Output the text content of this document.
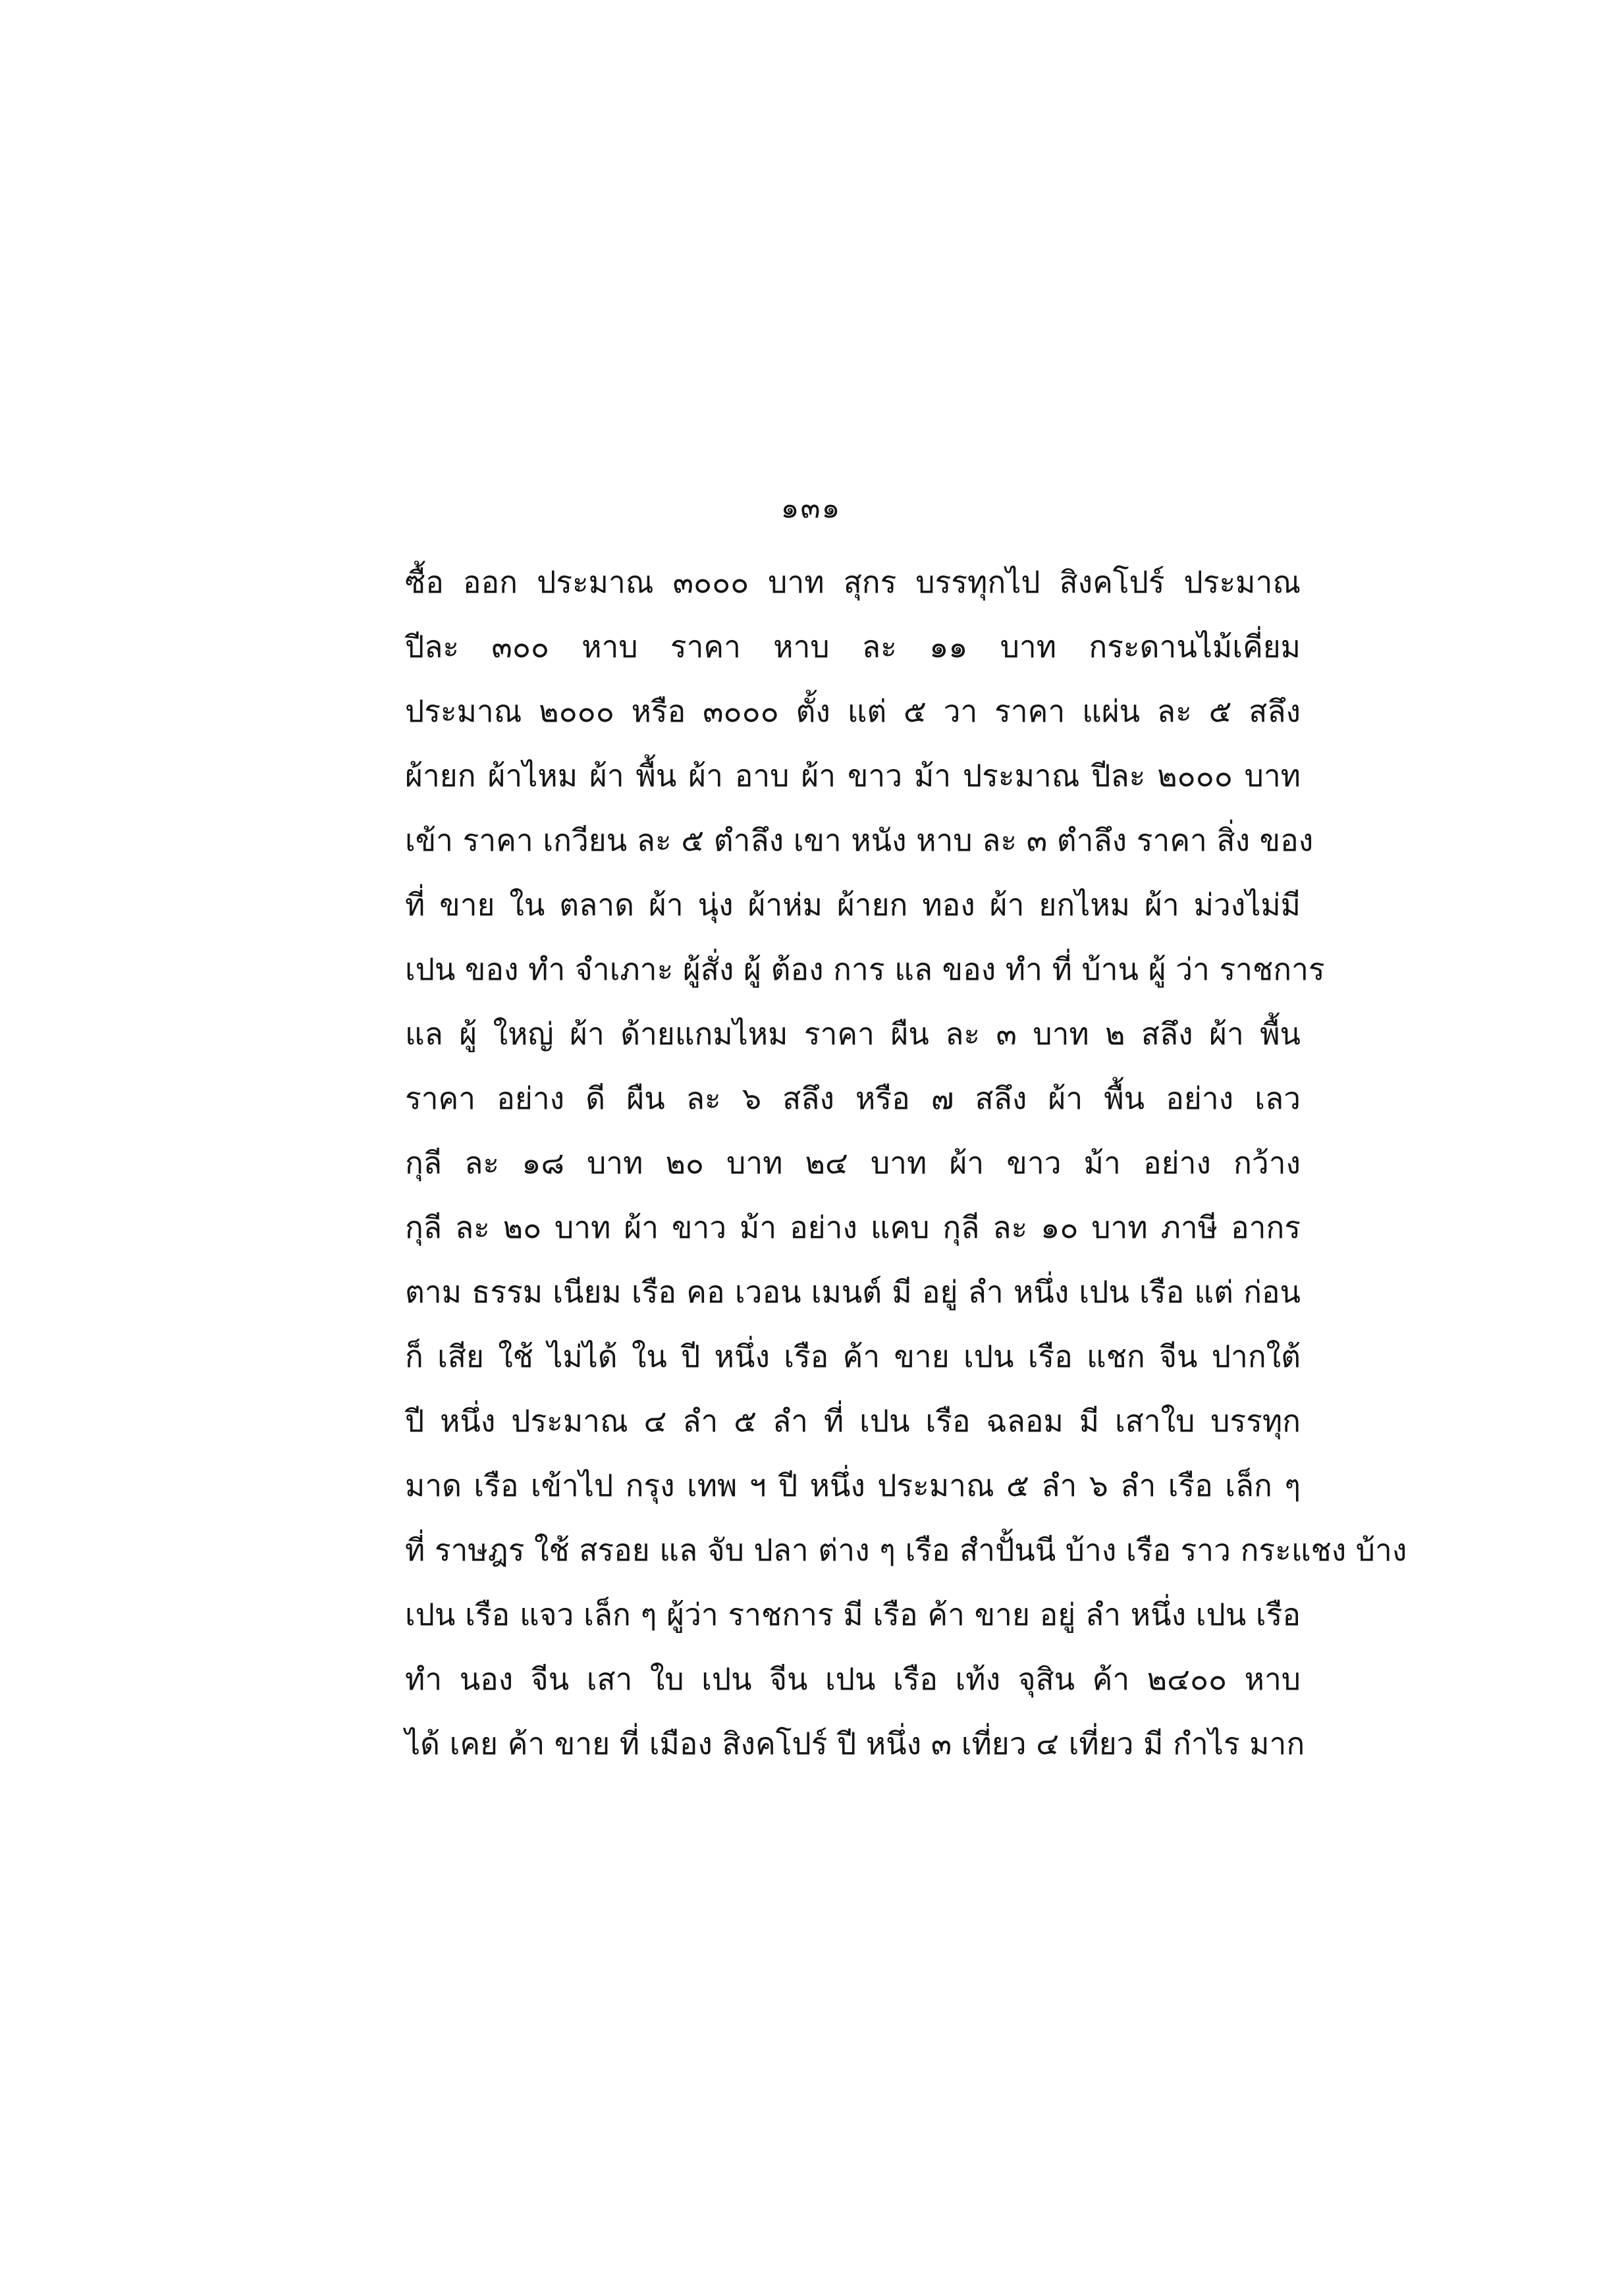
๑๓๑
ซื้อ ออก ประมาณ ๓๐๐๐ บาท สุกร บรรทุกไป สิงคโปร์ ประมาณ
ปีละ ๓๐๐ หาบ ราคา หาบ ละ ๑๑ บาท กระดานไม้เคี่ยม
ประมาณ ๒๐๐๐ หรือ ๓๐๐๐ ตั้ง แต่ ๕ วา ราคา แผ่น ละ ๕ สลึง
ผ้ายก ผ้าไหม ผ้า พื้น ผ้า อาบ ผ้า ขาว ม้า ประมาณ ปีละ ๒๐๐๐ บาท
เข้า ราคา เกวียน ละ ๕ ตำลึง เขา หนัง หาบ ละ ๓ ตำลึง ราคา สิ่ง ของ
ที่ ขาย ใน ตลาด ผ้า นุ่ง ผ้าห่ม ผ้ายก ทอง ผ้า ยกไหม ผ้า ม่วงไม่มี
เปน ของ ทำ จำเภาะ ผู้สั่ง ผู้ ต้อง การ แล ของ ทำ ที่ บ้าน ผู้ ว่า ราชการ
แล ผู้ ใหญ่ ผ้า ด้ายแกมไหม ราคา ผืน ละ ๓ บาท ๒ สลึง ผ้า พื้น
ราคา อย่าง ดี ผืน ละ ๖ สลึง หรือ ๗ สลึง ผ้า พื้น อย่าง เลว
กุลี ละ ๑๘ บาท ๒๐ บาท ๒๔ บาท ผ้า ขาว ม้า อย่าง กว้าง
กุลี ละ ๒๐ บาท ผ้า ขาว ม้า อย่าง แคบ กุลี ละ ๑๐ บาท ภาษี อากร
ตาม ธรรม เนียม เรือ คอ เวอน เมนต์ มี อยู่ ลำ หนึ่ง เปน เรือ แต่ ก่อน
ก็ เสีย ใช้ ไม่ได้ ใน ปี หนึ่ง เรือ ค้า ขาย เปน เรือ แชก จีน ปากใต้
ปี หนึ่ง ประมาณ ๔ ลำ ๕ ลำ ที่ เปน เรือ ฉลอม มี เสาใบ บรรทุก
มาด เรือ เข้าไป กรุง เทพ ฯ ปี หนึ่ง ประมาณ ๕ ลำ ๖ ลำ เรือ เล็ก ๆ
ที่ ราษฎร ใช้ สรอย แล จับ ปลา ต่าง ๆ เรือ สำปั้นนี บ้าง เรือ ราว กระแชง บ้าง
เปน เรือ แจว เล็ก ๆ ผู้ว่า ราชการ มี เรือ ค้า ขาย อยู่ ลำ หนึ่ง เปน เรือ
ทำ นอง จีน เสา ใบ เปน จีน เปน เรือ เท้ง จุสิน ค้า ๒๔๐๐ หาบ
ได้ เคย ค้า ขาย ที่ เมือง สิงคโปร์ ปี หนึ่ง ๓ เที่ยว ๔ เที่ยว มี กำไร มาก
